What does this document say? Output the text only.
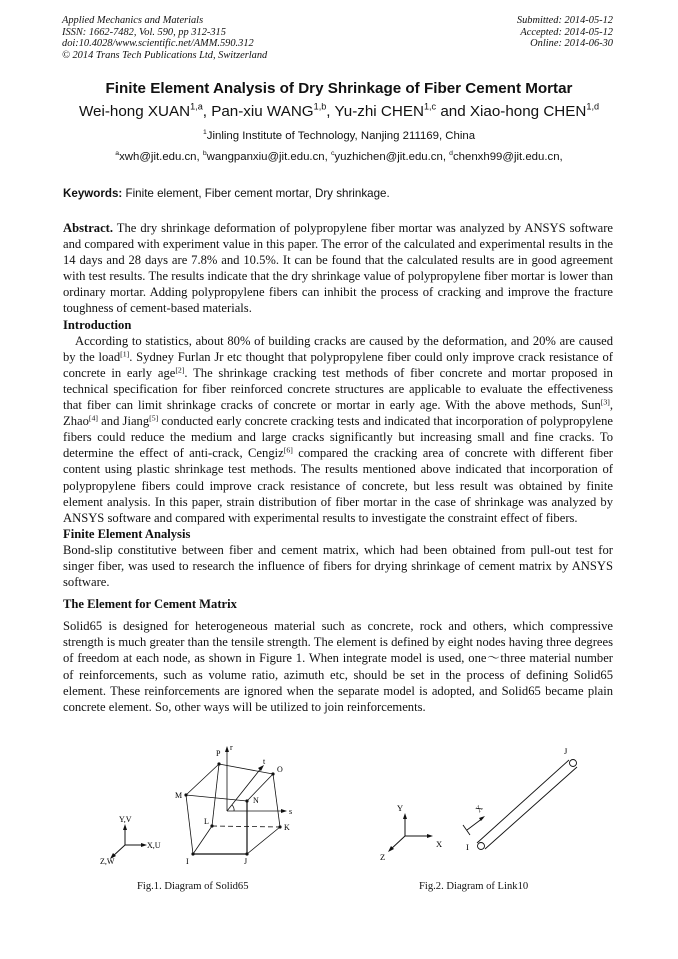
Applied Mechanics and Materials
ISSN: 1662-7482, Vol. 590, pp 312-315
doi:10.4028/www.scientific.net/AMM.590.312
© 2014 Trans Tech Publications Ltd, Switzerland
Submitted: 2014-05-12
Accepted: 2014-05-12
Online: 2014-06-30
Finite Element Analysis of Dry Shrinkage of Fiber Cement Mortar
Wei-hong XUAN$^{1,a}$, Pan-xiu WANG$^{1,b}$, Yu-zhi CHEN$^{1,c}$ and Xiao-hong CHEN$^{1,d}$
$^1$Jinling Institute of Technology, Nanjing 211169, China
$^a$xwh@jit.edu.cn, $^b$wangpanxiu@jit.edu.cn, $^c$yuzhichen@jit.edu.cn, $^d$chenxh99@jit.edu.cn,
Keywords: Finite element, Fiber cement mortar, Dry shrinkage.

Abstract. The dry shrinkage deformation of polypropylene fiber mortar was analyzed by ANSYS software and compared with experiment value in this paper. The error of the calculated and experimental results in the 14 days and 28 days are 7.8% and 10.5%. It can be found that the calculated results are in good agreement with test results. The results indicate that the dry shrinkage value of polypropylene fiber mortar is lower than ordinary mortar. Adding polypropylene fibers can inhibit the process of cracking and improve the fracture toughness of cement-based materials.

Introduction

According to statistics, about 80% of building cracks are caused by the deformation, and 20% are caused by the load[1]. Sydney Furlan Jr etc thought that polypropylene fiber could only improve crack resistance of concrete in early age[2]. The shrinkage cracking test methods of fiber concrete and mortar proposed in technical specification for fiber reinforced concrete structures are applicable to evaluate the effectiveness that fiber can limit shrinkage cracks of concrete or mortar in early age. With the above methods, Sun[3], Zhao[4] and Jiang[5] conducted early concrete cracking tests and indicated that incorporation of polypropylene fibers could reduce the medium and large cracks significantly but increasing small and fine cracks. To determine the effect of anti-crack, Cengiz[6] compared the cracking area of concrete with different fiber content using plastic shrinkage test methods. The results mentioned above indicated that incorporation of polypropylene fibers could improve crack resistance of concrete, but less result was obtained by finite element analysis. In this paper, strain distribution of fiber mortar in the case of shrinkage was analyzed by ANSYS software and compared with experimental results to investigate the constraint effect of fibers.

Finite Element Analysis

Bond-slip constitutive between fiber and cement matrix, which had been obtained from pull-out test for singer fiber, was used to research the influence of fibers for drying shrinkage of cement matrix by ANSYS software.

The Element for Cement Matrix

Solid65 is designed for heterogeneous material such as concrete, rock and others, which compressive strength is much greater than the tensile strength. The element is defined by eight nodes having three degrees of freedom at each node, as shown in Figure 1. When integrate model is used, one～three material number of reinforcements, such as volume ratio, azimuth etc, should be set in the process of defining Solid65 element. These reinforcements are ignored when the separate model is adopted, and Solid65 became plain concrete element. So, other ways will be utilized to join reinforcements.

Y,V
X,U
Z,W
P
O
M
N
L
K
I	J
r
s
t
Y
X
Z
X
I
J
Fig.1. Diagram of Solid65	Fig.2. Diagram of Link10
